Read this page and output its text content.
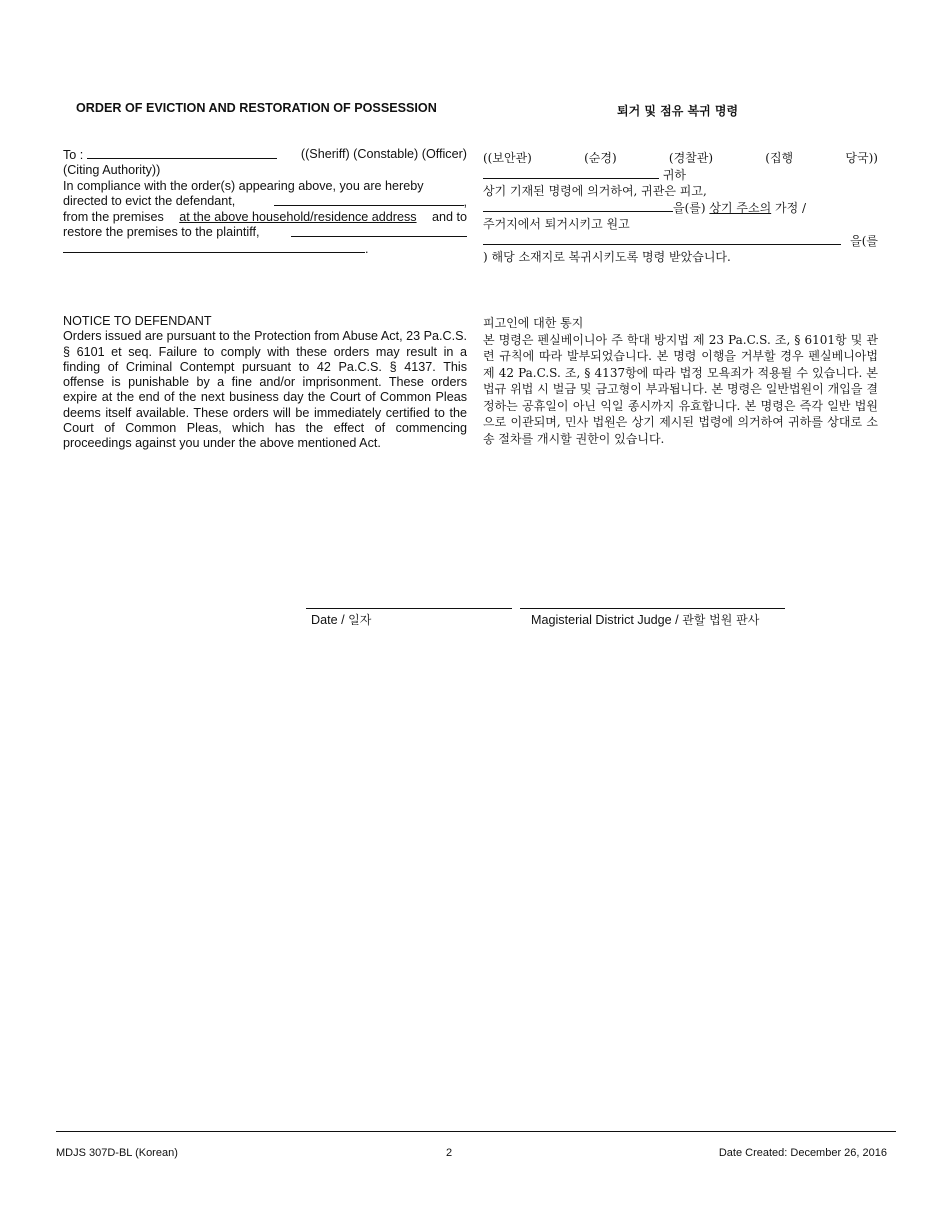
ORDER OF EVICTION AND RESTORATION OF POSSESSION
To :	((Sheriff) (Constable) (Officer)
(Citing Authority))
In compliance with the order(s) appearing above, you are hereby
directed to evict the defendant,	,
from the premises at the above household/residence address and to
restore the premises to the plaintiff,
.
NOTICE TO DEFENDANT
Orders issued are pursuant to the Protection from Abuse Act, 23 Pa.C.S. § 6101 et seq. Failure to comply with these orders may result in a finding of Criminal Contempt pursuant to 42 Pa.C.S. § 4137. This offense is punishable by a fine and/or imprisonment. These orders expire at the end of the next business day the Court of Common Pleas deems itself available. These orders will be immediately certified to the Court of Common Pleas, which has the effect of commencing proceedings against you under the above mentioned Act.
퇴거 및 점유 복귀 명령
((보안관)	(순경)	(경찰관)	(집행	당국))
귀하
상기 기재된 명령에 의거하여, 귀관은 피고,
을(를) 상기 주소의 가정 /
주거지에서 퇴거시키고 원고
을(를
) 해당 소재지로 복귀시키도록 명령 받았습니다.
피고인에 대한 통지
본 명령은 펜실베이니아 주 학대 방지법 제 23 Pa.C.S. 조, § 6101항 및 관련 규칙에 따라 발부되었습니다. 본 명령 이행을 거부할 경우 펜실베니아법 제 42 Pa.C.S. 조, § 4137항에 따라 법정 모욕죄가 적용될 수 있습니다. 본 법규 위법 시 벌금 및 금고형이 부과됩니다. 본 명령은 일반법원이 개입을 결정하는 공휴일이 아닌 익일 종시까지 유효합니다. 본 명령은 즉각 일반 법원으로 이관되며, 민사 법원은 상기 제시된 법령에 의거하여 귀하를 상대로 소송 절차를 개시할 권한이 있습니다.
Date / 일자	Magisterial District Judge / 관할 법원 판사
MDJS 307D-BL (Korean)	2	Date Created: December 26, 2016
